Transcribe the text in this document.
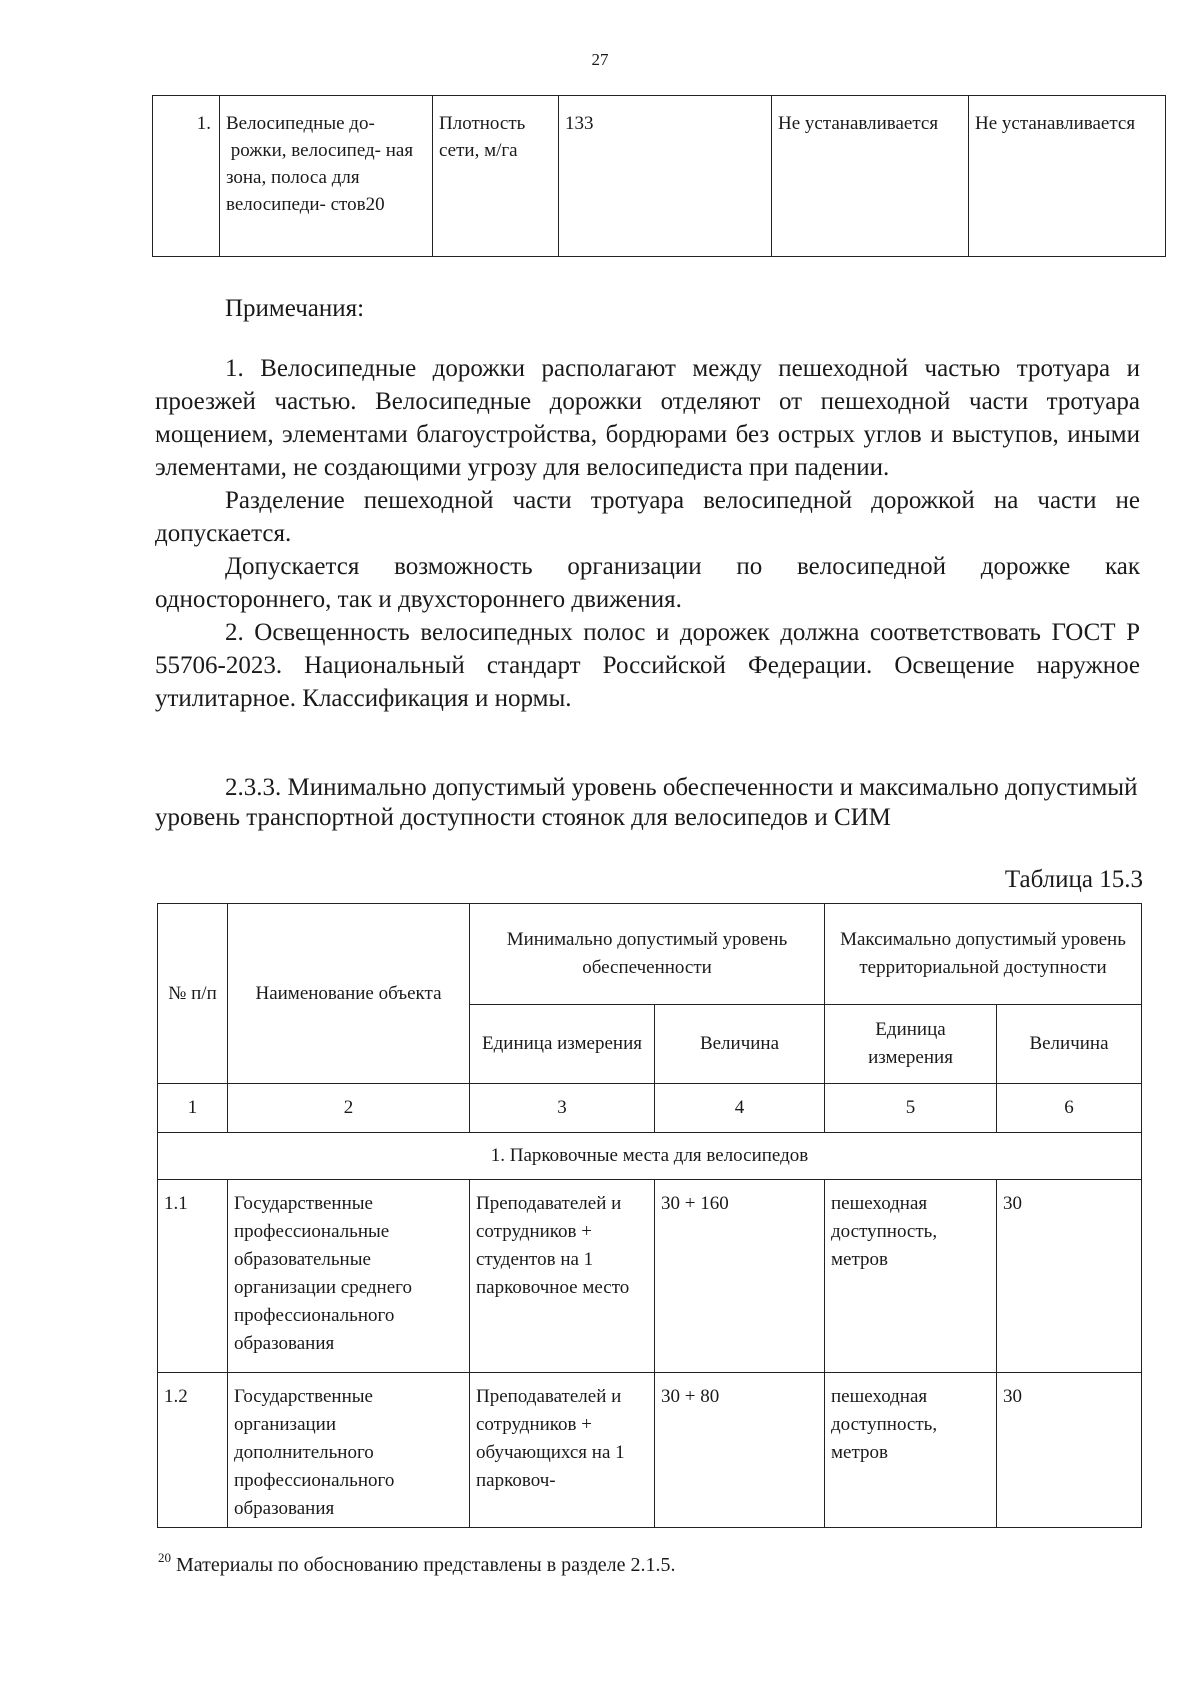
27
1.	Велосипедные до- рожки, велосипед- ная зона, полоса для велосипеди- стов20	Плотность сети, м/га	133	Не устанавливается	Не устанавливается
Примечания:

1. Велосипедные дорожки располагают между пешеходной частью тротуара и проезжей частью. Велосипедные дорожки отделяют от пешеходной части тротуара мощением, элементами благоустройства, бордюрами без острых углов и выступов, иными элементами, не создающими угрозу для велосипедиста при падении.

Разделение пешеходной части тротуара велосипедной дорожкой на части не допускается.

Допускается возможность организации по велосипедной дорожке как одностороннего, так и двухстороннего движения.

2. Освещенность велосипедных полос и дорожек должна соответствовать ГОСТ Р 55706-2023. Национальный стандарт Российской Федерации. Освещение наружное утилитарное. Классификация и нормы.

2.3.3. Минимально допустимый уровень обеспеченности и максимально допустимый уровень транспортной доступности стоянок для велосипедов и СИМ

Таблица 15.3
№ п/п	Наименование объекта	Минимально допустимый уровень обеспеченности		Максимально допустимый уровень территориальной доступности	
		Единица измерения	Величина	Единица измерения	Величина
1	2	3	4	5	6
1. Парковочные места для велосипедов					
1.1	Государственные профессиональные образовательные организации среднего профессионального образования	Преподавателей и сотрудников + студентов на 1 парковочное место	30 + 160	пешеходная доступность, метров	30
1.2	Государственные организации дополнительного профессионального образования	Преподавателей и сотрудников + обучающихся на 1 парковоч-	30 + 80	пешеходная доступность, метров	30
$^{20}$ Материалы по обоснованию представлены в разделе 2.1.5.
